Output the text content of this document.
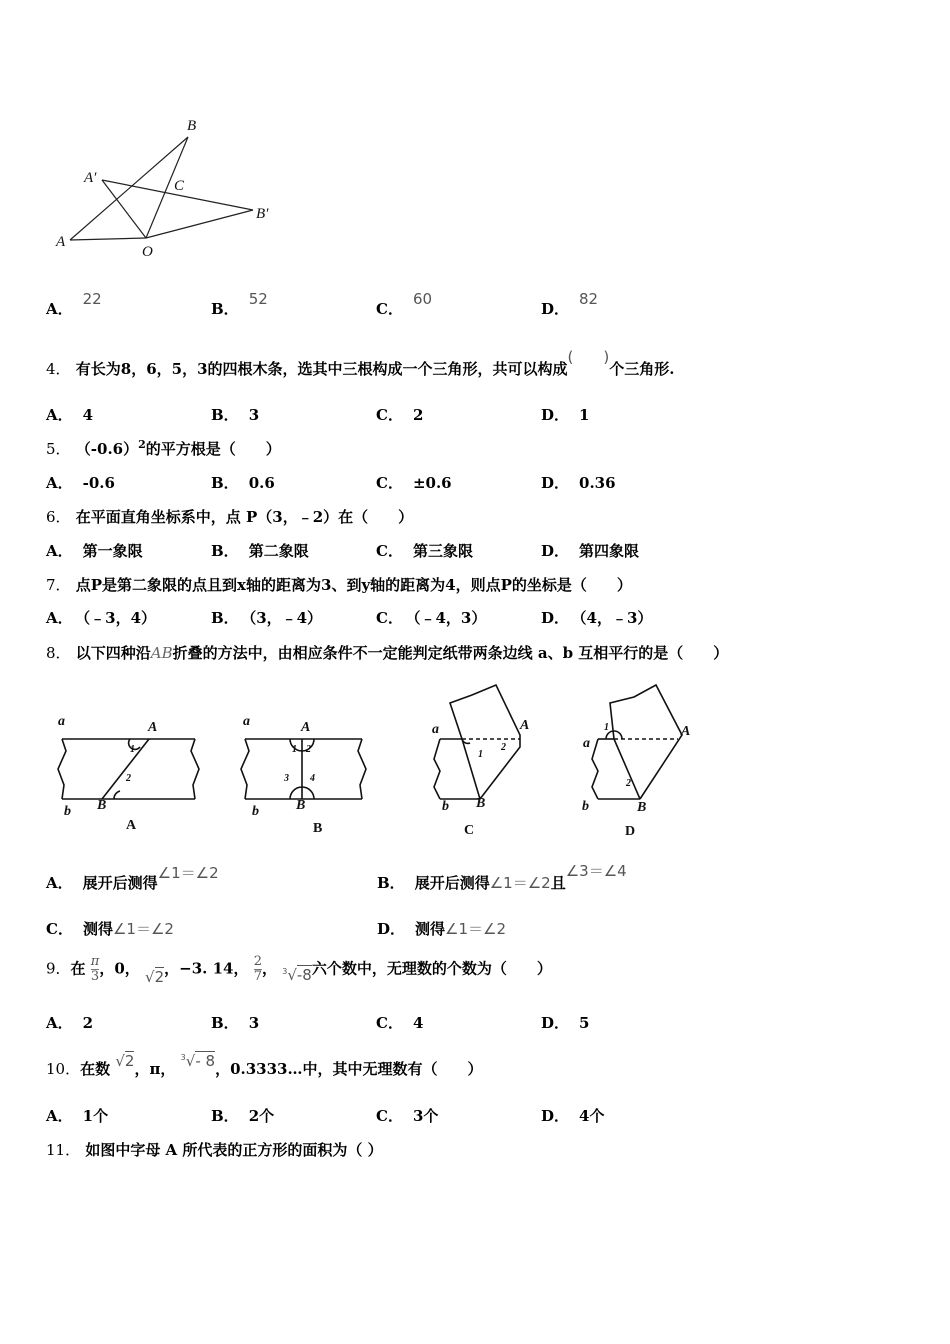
B
A′	C
B′
A
O
A．22
B．52
C．60
D．82
4． 有长为8，6，5，3的四根木条，选其中三根构成一个三角形，共可以构成(　　)个三角形.
A． 4	B． 3	C． 2	D． 1
5． $(-0.6)^2$的平方根是（　　）
A． -0.6	B． 0.6	C． ±0.6	D． 0.36
6． 在平面直角坐标系中，点 P（3，﹣2）在（　　）
A． 第一象限	B． 第二象限	C． 第三象限	D． 第四象限
7． 点P是第二象限的点且到x轴的距离为3、到y轴的距离为4，则点P的坐标是（　　）
A． （﹣3，4）	B． （3，﹣4）	C． （﹣4，3）	D． （4，﹣3）
8． 以下四种沿AB折叠的方法中，由相应条件不一定能判定纸带两条边线 a、b 互相平行的是（　　）
a	A
1
2
b B
A
a	A
1 2
3 4
b	B
B
a	A
1
2
b B
C
a
A
1
2
b	B
D
A． 展开后测得∠1＝∠2
B． 展开后测得∠1＝∠2且∠3＝∠4
C． 测得∠1＝∠2	D． 测得∠1＝∠2
9．在 $\frac{\pi}{3}$ ，0， √2，−3. 14， $\frac{2}{7}$ ， $^3$√-8六个数中，无理数的个数为（　　）
A． 2	B． 3	C． 4	D． 5
10．在数 √2，π， $^3$√- 8，0.3333…中，其中无理数有（　　）
A． 1个	B． 2个	C． 3个	D． 4个
11． 如图中字母 A 所代表的正方形的面积为（ ）
